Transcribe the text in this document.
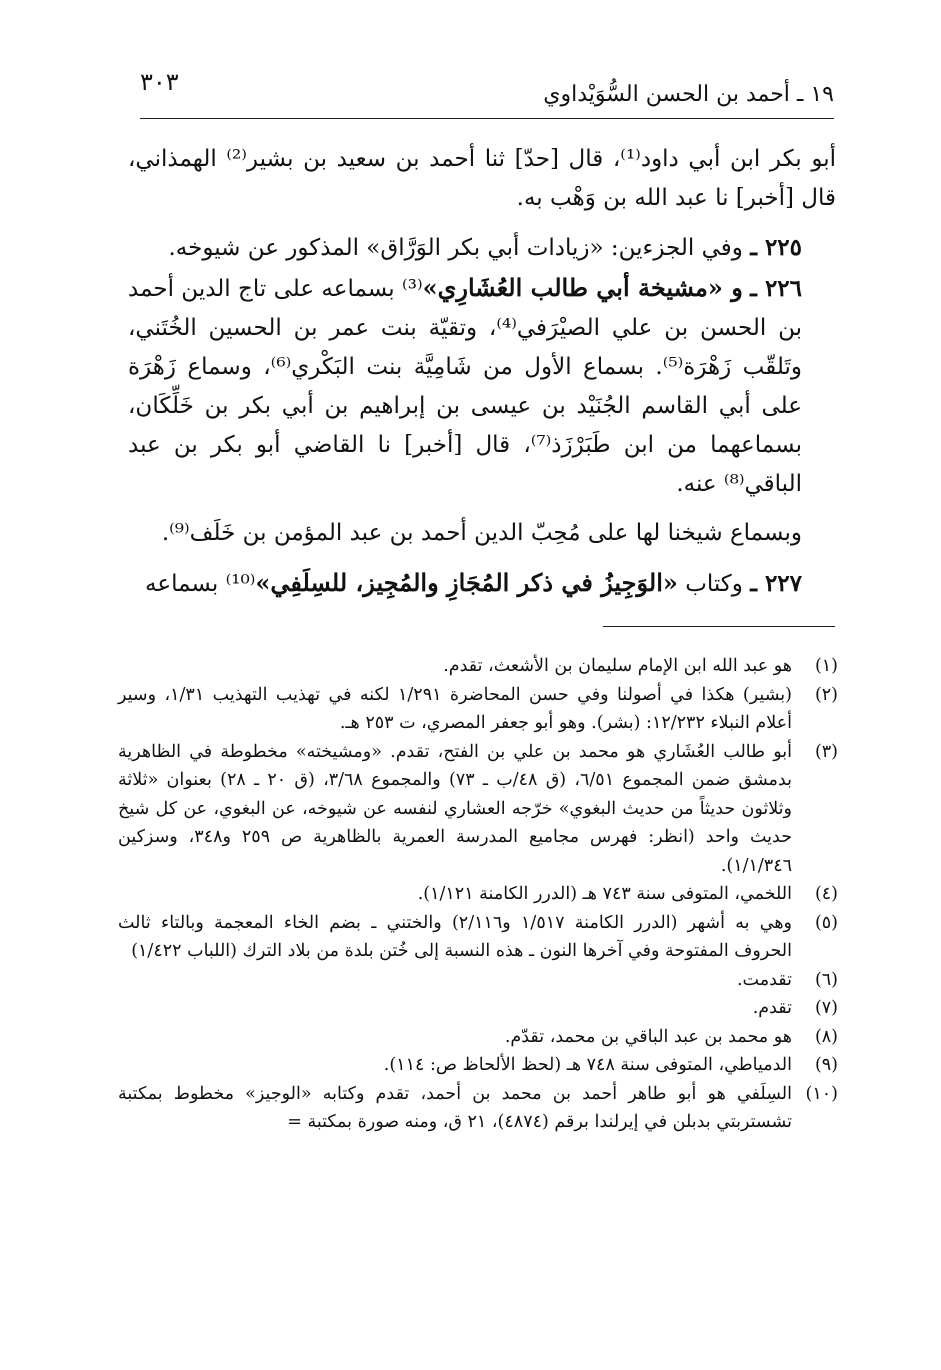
١٩ ـ أحمد بن الحسن السُّوَيْداوي
٣٠٣

أبو بكر ابن أبي داود⁽¹⁾، قال [حدّ] ثنا أحمد بن سعيد بن بشير⁽²⁾ الهمذاني، قال [أخبر] نا عبد الله بن وَهْب به.

٢٢٥ ـ وفي الجزءين: «زيادات أبي بكر الوَرَّاق» المذكور عن شيوخه.

٢٢٦ ـ و «مشيخة أبي طالب العُشَارِي»⁽³⁾ بسماعه على تاج الدين أحمد بن الحسن بن علي الصيْرَفي⁽⁴⁾، وتقيّة بنت عمر بن الحسين الخُتَني، وتَلقّب زَهْرَة⁽⁵⁾. بسماع الأول من شَامِيَّة بنت البَكْري⁽⁶⁾، وسماع زَهْرَة على أبي القاسم الجُنَيْد بن عيسى بن إبراهيم بن أبي بكر بن خَلِّكَان، بسماعهما من ابن طَبَرْزَذ⁽⁷⁾، قال [أخبر] نا القاضي أبو بكر بن عبد الباقي⁽⁸⁾ عنه.

وبسماع شيخنا لها على مُحِبّ الدين أحمد بن عبد المؤمن بن خَلَف⁽⁹⁾.

٢٢٧ ـ وكتاب «الوَجِيزُ في ذكر المُجَازِ والمُجِيز، للسِلَفِي»⁽¹⁰⁾ بسماعه

(١)
هو عبد الله ابن الإمام سليمان بن الأشعث، تقدم.
(٢)
(بشير) هكذا في أصولنا وفي حسن المحاضرة ١/٢٩١ لكنه في تهذيب التهذيب ١/٣١، وسير أعلام النبلاء ١٢/٢٣٢: (بشر). وهو أبو جعفر المصري، ت ٢٥٣ هـ.
(٣)
أبو طالب العُشَاري هو محمد بن علي بن الفتح، تقدم. «ومشيخته» مخطوطة في الظاهرية بدمشق ضمن المجموع ٦/٥١، (ق ٤٨/ب ـ ٧٣) والمجموع ٣/٦٨، (ق ٢٠ ـ ٢٨) بعنوان «ثلاثة وثلاثون حديثاً من حديث البغوي» خرّجه العشاري لنفسه عن شيوخه، عن البغوي، عن كل شيخ حديث واحد (انظر: فهرس مجاميع المدرسة العمرية بالظاهرية ص ٢٥٩ و٣٤٨، وسزكين ١/١/٣٤٦).
(٤)
اللخمي، المتوفى سنة ٧٤٣ هـ (الدرر الكامنة ١/١٢١).
(٥)
وهي به أشهر (الدرر الكامنة ١/٥١٧ و٢/١١٦) والختني ـ بضم الخاء المعجمة وبالتاء ثالث الحروف المفتوحة وفي آخرها النون ـ هذه النسبة إلى خُتن بلدة من بلاد الترك (اللباب ١/٤٢٢)
(٦)
تقدمت.
(٧)
تقدم.
(٨)
هو محمد بن عبد الباقي بن محمد، تقدّم.
(٩)
الدمياطي، المتوفى سنة ٧٤٨ هـ (لحظ الألحاظ ص: ١١٤).
(١٠)
السِلَفي هو أبو طاهر أحمد بن محمد بن أحمد، تقدم وكتابه «الوجيز» مخطوط بمكتبة تشستربتي بدبلن في إيرلندا برقم (٤٨٧٤)، ٢١ ق، ومنه صورة بمكتبة =
